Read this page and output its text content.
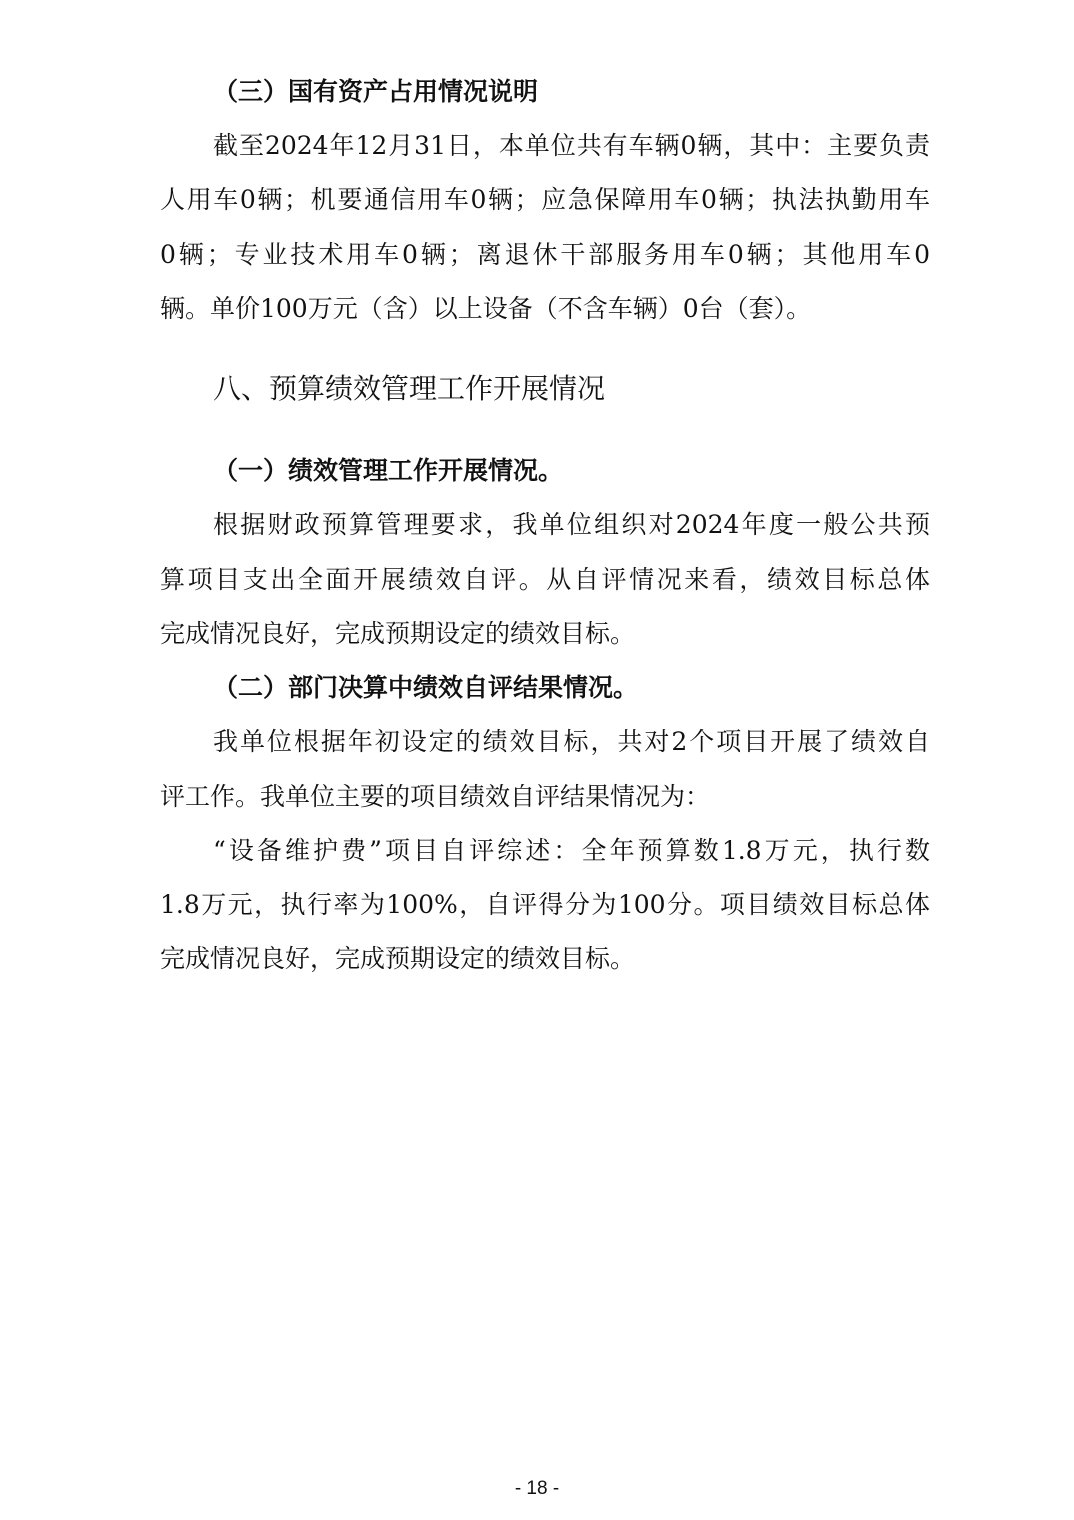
（三）国有资产占用情况说明
截至2024年12月31日，本单位共有车辆0辆，其中：主要负责
人用车0辆；机要通信用车0辆；应急保障用车0辆；执法执勤用车
0辆；专业技术用车0辆；离退休干部服务用车0辆；其他用车0
辆。单价100万元（含）以上设备（不含车辆）0台（套）。
八、预算绩效管理工作开展情况
（一）绩效管理工作开展情况。
根据财政预算管理要求，我单位组织对2024年度一般公共预
算项目支出全面开展绩效自评。从自评情况来看，绩效目标总体
完成情况良好，完成预期设定的绩效目标。
（二）部门决算中绩效自评结果情况。
我单位根据年初设定的绩效目标，共对2个项目开展了绩效自
评工作。我单位主要的项目绩效自评结果情况为：
“设备维护费”项目自评综述：全年预算数1.8万元，执行数
1.8万元，执行率为100%，自评得分为100分。项目绩效目标总体
完成情况良好，完成预期设定的绩效目标。
- 18 -
